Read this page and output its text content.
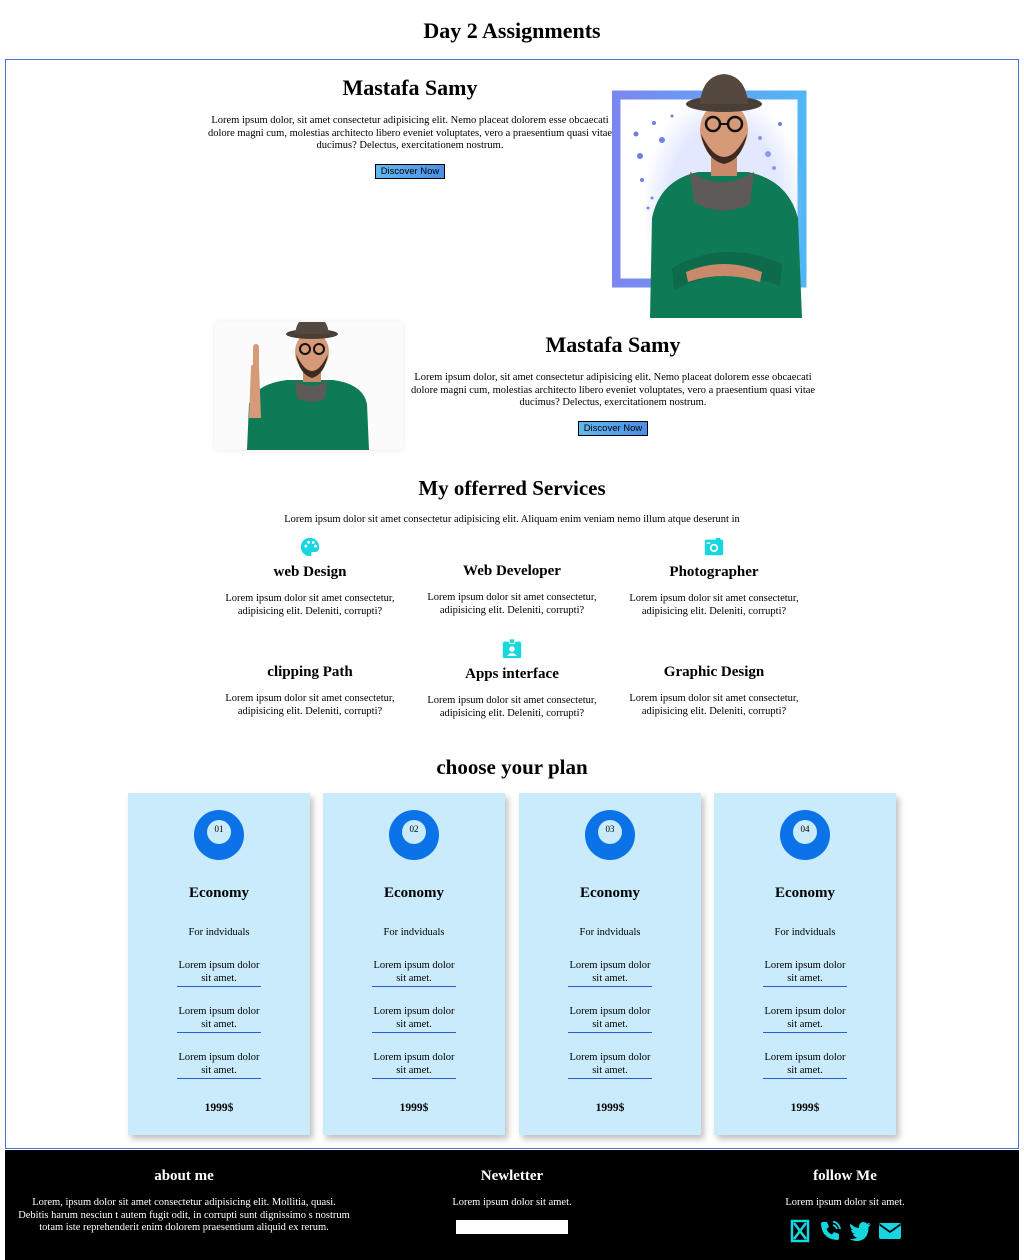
Day 2 Assignments
Mastafa Samy
Lorem ipsum dolor, sit amet consectetur adipisicing elit. Nemo placeat dolorem esse obcaecati dolore magni cum, molestias architecto libero eveniet voluptates, vero a praesentium quasi vitae ducimus? Delectus, exercitationem nostrum.
Discover Now
Mastafa Samy
Lorem ipsum dolor, sit amet consectetur adipisicing elit. Nemo placeat dolorem esse obcaecati dolore magni cum, molestias architecto libero eveniet voluptates, vero a praesentium quasi vitae ducimus? Delectus, exercitationem nostrum.
Discover Now
My offerred Services
Lorem ipsum dolor sit amet consectetur adipisicing elit. Aliquam enim veniam nemo illum atque deserunt in
web Design
Lorem ipsum dolor sit amet consectetur, adipisicing elit. Deleniti, corrupti?
Web Developer
Lorem ipsum dolor sit amet consectetur, adipisicing elit. Deleniti, corrupti?
Photographer
Lorem ipsum dolor sit amet consectetur, adipisicing elit. Deleniti, corrupti?
clipping Path
Lorem ipsum dolor sit amet consectetur, adipisicing elit. Deleniti, corrupti?
Apps interface
Lorem ipsum dolor sit amet consectetur, adipisicing elit. Deleniti, corrupti?
Graphic Design
Lorem ipsum dolor sit amet consectetur, adipisicing elit. Deleniti, corrupti?
choose your plan
01
Economy
For indviduals
Lorem ipsum dolor sit amet.
Lorem ipsum dolor sit amet.
Lorem ipsum dolor sit amet.
1999$
02
Economy
For indviduals
Lorem ipsum dolor sit amet.
Lorem ipsum dolor sit amet.
Lorem ipsum dolor sit amet.
1999$
03
Economy
For indviduals
Lorem ipsum dolor sit amet.
Lorem ipsum dolor sit amet.
Lorem ipsum dolor sit amet.
1999$
04
Economy
For indviduals
Lorem ipsum dolor sit amet.
Lorem ipsum dolor sit amet.
Lorem ipsum dolor sit amet.
1999$
about me
Lorem, ipsum dolor sit amet consectetur adipisicing elit. Mollitia, quasi. Debitis harum nesciun t autem fugit odit, in corrupti sunt dignissimo s nostrum totam iste reprehenderit enim dolorem praesentium aliquid ex rerum.
Newletter
Lorem ipsum dolor sit amet.
follow Me
Lorem ipsum dolor sit amet.
